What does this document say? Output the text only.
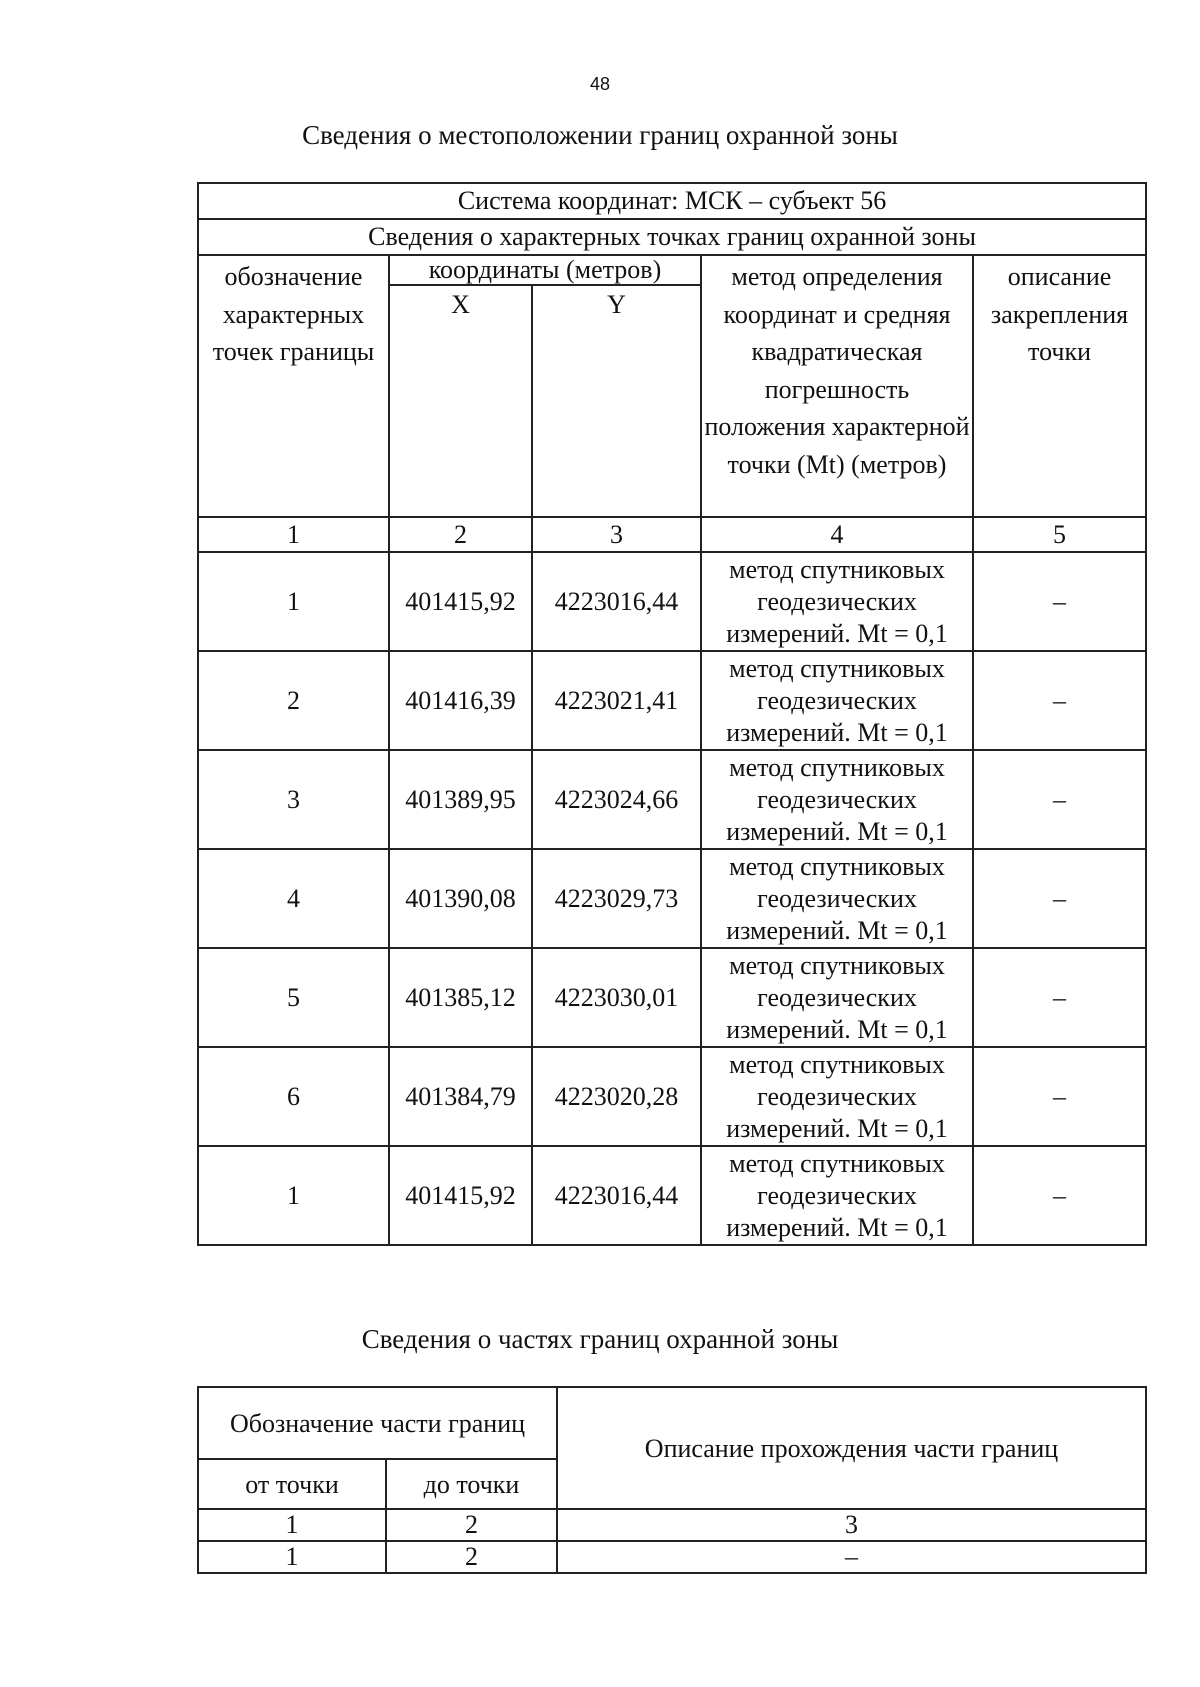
48
Сведения о местоположении границ охранной зоны
Система координат: МСК – субъект 56				
Сведения о характерных точках границ охранной зоны				
обозначение характерных точек границы	координаты (метров)		метод определения координат и средняя квадратическая погрешность положения характерной точки (Mt) (метров)	описание закрепления точки
	X	Y		
1	2	3	4	5
1	401415,92	4223016,44	метод спутниковых геодезических измерений. Mt = 0,1	–
2	401416,39	4223021,41	метод спутниковых геодезических измерений. Mt = 0,1	–
3	401389,95	4223024,66	метод спутниковых геодезических измерений. Mt = 0,1	–
4	401390,08	4223029,73	метод спутниковых геодезических измерений. Mt = 0,1	–
5	401385,12	4223030,01	метод спутниковых геодезических измерений. Mt = 0,1	–
6	401384,79	4223020,28	метод спутниковых геодезических измерений. Mt = 0,1	–
1	401415,92	4223016,44	метод спутниковых геодезических измерений. Mt = 0,1	–
Сведения о частях границ охранной зоны
Обозначение части границ		Описание прохождения части границ
от точки	до точки	
1	2	3
1	2	–
